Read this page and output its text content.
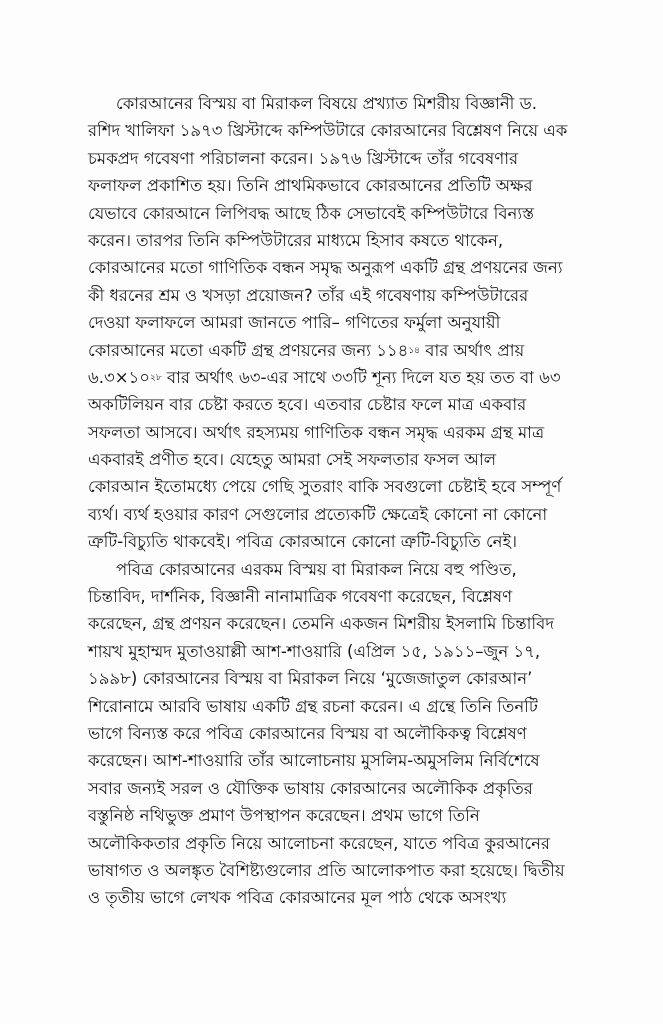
কোরআনের বিস্ময় বা মিরাকল বিষয়ে প্রখ্যাত মিশরীয় বিজ্ঞানী ড.
রশিদ খালিফা ১৯৭৩ খ্রিস্টাব্দে কম্পিউটারে কোরআনের বিশ্লেষণ নিয়ে এক
চমকপ্রদ গবেষণা পরিচালনা করেন। ১৯৭৬ খ্রিস্টাব্দে তাঁর গবেষণার
ফলাফল প্রকাশিত হয়। তিনি প্রাথমিকভাবে কোরআনের প্রতিটি অক্ষর
যেভাবে কোরআনে লিপিবদ্ধ আছে ঠিক সেভাবেই কম্পিউটারে বিন্যস্ত
করেন। তারপর তিনি কম্পিউটারের মাধ্যমে হিসাব কষতে থাকেন,
কোরআনের মতো গাণিতিক বন্ধন সমৃদ্ধ অনুরূপ একটি গ্রন্থ প্রণয়নের জন্য
কী ধরনের শ্রম ও খসড়া প্রয়োজন? তাঁর এই গবেষণায় কম্পিউটারের
দেওয়া ফলাফলে আমরা জানতে পারি– গণিতের ফর্মুলা অনুযায়ী
কোরআনের মতো একটি গ্রন্থ প্রণয়নের জন্য $১১৪^{১৪}$ বার অর্থাৎ প্রায়
$৬.৩\times ১০^{২৮}$ বার অর্থাৎ ৬৩-এর সাথে ৩৩টি শূন্য দিলে যত হয় তত বা ৬৩
অকটিলিয়ন বার চেষ্টা করতে হবে। এতবার চেষ্টার ফলে মাত্র একবার
সফলতা আসবে। অর্থাৎ রহস্যময় গাণিতিক বন্ধন সমৃদ্ধ এরকম গ্রন্থ মাত্র
একবারই প্রণীত হবে। যেহেতু আমরা সেই সফলতার ফসল আল
কোরআন ইতোমধ্যে পেয়ে গেছি সুতরাং বাকি সবগুলো চেষ্টাই হবে সম্পূর্ণ
ব্যর্থ। ব্যর্থ হওয়ার কারণ সেগুলোর প্রত্যেকটি ক্ষেত্রেই কোনো না কোনো
ত্রুটি-বিচ্যুতি থাকবেই। পবিত্র কোরআনে কোনো ত্রুটি-বিচ্যুতি নেই।
পবিত্র কোরআনের এরকম বিস্ময় বা মিরাকল নিয়ে বহু পণ্ডিত,
চিন্তাবিদ, দার্শনিক, বিজ্ঞানী নানামাত্রিক গবেষণা করেছেন, বিশ্লেষণ
করেছেন, গ্রন্থ প্রণয়ন করেছেন। তেমনি একজন মিশরীয় ইসলামি চিন্তাবিদ
শায়খ মুহাম্মদ মুতাওয়াল্লী আশ-শাওয়ারি (এপ্রিল ১৫, ১৯১১–জুন ১৭,
১৯৯৮) কোরআনের বিস্ময় বা মিরাকল নিয়ে ‘মুজেজাতুল কোরআন’
শিরোনামে আরবি ভাষায় একটি গ্রন্থ রচনা করেন। এ গ্রন্থে তিনি তিনটি
ভাগে বিন্যস্ত করে পবিত্র কোরআনের বিস্ময় বা অলৌকিকত্ব বিশ্লেষণ
করেছেন। আশ-শাওয়ারি তাঁর আলোচনায় মুসলিম-অমুসলিম নির্বিশেষে
সবার জন্যই সরল ও যৌক্তিক ভাষায় কোরআনের অলৌকিক প্রকৃতির
বস্তুনিষ্ঠ নথিভুক্ত প্রমাণ উপস্থাপন করেছেন। প্রথম ভাগে তিনি
অলৌকিকতার প্রকৃতি নিয়ে আলোচনা করেছেন, যাতে পবিত্র কুরআনের
ভাষাগত ও অলঙ্কৃত বৈশিষ্ট্যগুলোর প্রতি আলোকপাত করা হয়েছে। দ্বিতীয়
ও তৃতীয় ভাগে লেখক পবিত্র কোরআনের মূল পাঠ থেকে অসংখ্য
